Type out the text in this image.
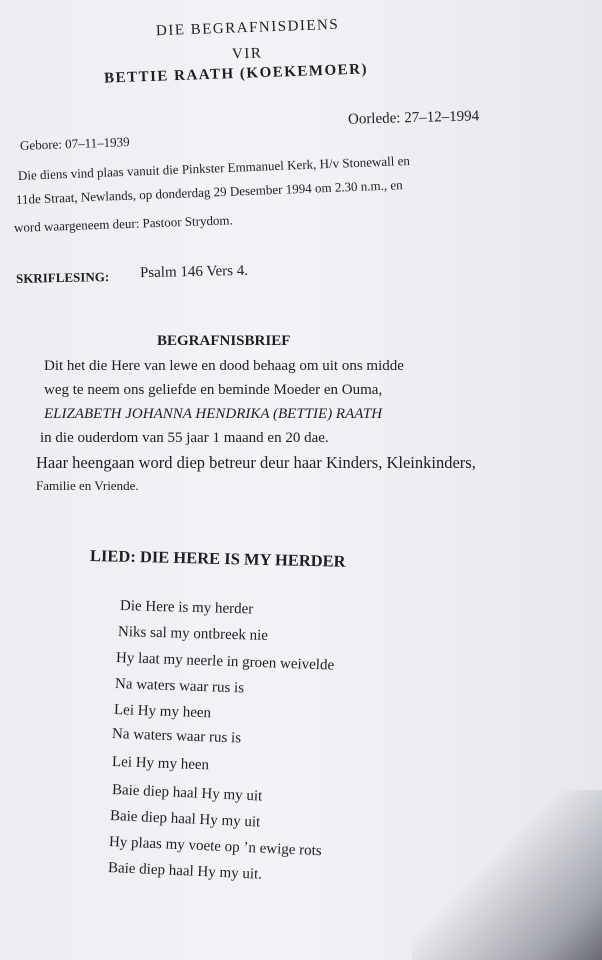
DIE BEGRAFNISDIENS

VIR

BETTIE RAATH (KOEKEMOER)

Oorlede: 27–12–1994

Gebore: 07–11–1939

Die diens vind plaas vanuit die Pinkster Emmanuel Kerk, H/v Stonewall en

11de Straat, Newlands, op donderdag 29 Desember 1994 om 2.30 n.m., en

word waargeneem deur: Pastoor Strydom.

SKRIFLESING: Psalm 146 Vers 4.

BEGRAFNISBRIEF

Dit het die Here van lewe en dood behaag om uit ons midde

weg te neem ons geliefde en beminde Moeder en Ouma,

ELIZABETH JOHANNA HENDRIKA (BETTIE) RAATH

in die ouderdom van 55 jaar 1 maand en 20 dae.

Haar heengaan word diep betreur deur haar Kinders, Kleinkinders,

Familie en Vriende.

LIED: DIE HERE IS MY HERDER

Die Here is my herder

Niks sal my ontbreek nie

Hy laat my neerle in groen weivelde

Na waters waar rus is

Lei Hy my heen

Na waters waar rus is

Lei Hy my heen

Baie diep haal Hy my uit

Baie diep haal Hy my uit

Hy plaas my voete op ’n ewige rots

Baie diep haal Hy my uit.
